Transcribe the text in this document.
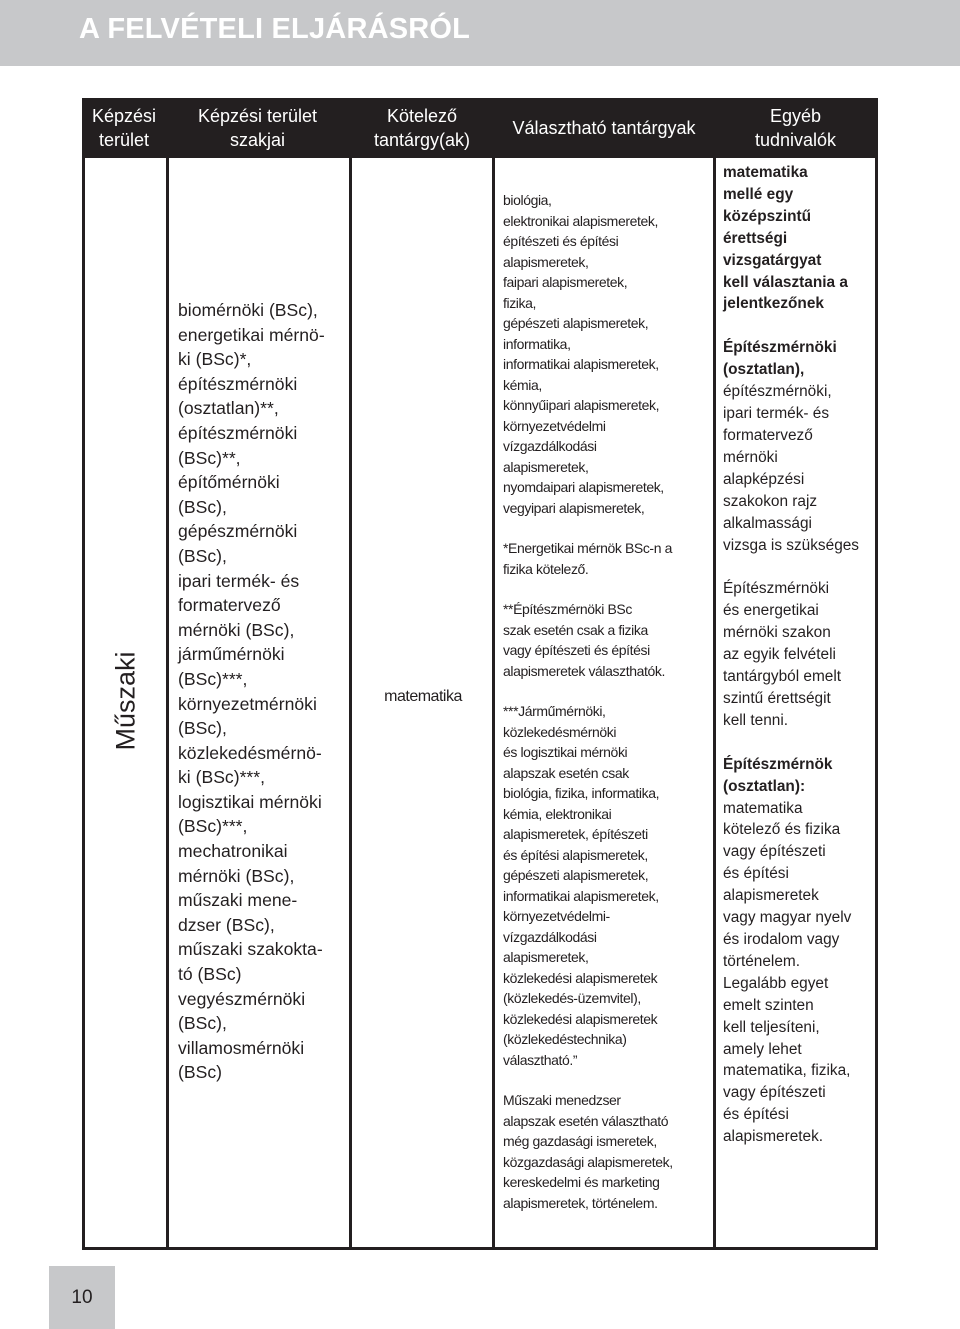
A FELVÉTELI ELJÁRÁSRÓL
Képzési
terület
Képzési terület
szakjai
Kötelező
tantárgy(ak)
Választható tantárgyak
Egyéb
tudnivalók
Műszaki
biomérnöki (BSc),
energetikai mérnö-
ki (BSc)*,
építészmérnöki
(osztatlan)**,
építészmérnöki
(BSc)**,
építőmérnöki
(BSc),
gépészmérnöki
(BSc),
ipari termék- és
formatervező
mérnöki (BSc),
járműmérnöki
(BSc)***,
környezetmérnöki
(BSc),
közlekedésmérnö-
ki (BSc)***,
logisztikai mérnöki
(BSc)***,
mechatronikai
mérnöki (BSc),
műszaki mene-
dzser (BSc),
műszaki szakokta-
tó (BSc)
vegyészmérnöki
(BSc),
villamosmérnöki
(BSc)
matematika
biológia,
elektronikai alapismeretek,
építészeti és építési
alapismeretek,
faipari alapismeretek,
fizika,
gépészeti alapismeretek,
informatika,
informatikai alapismeretek,
kémia,
könnyűipari alapismeretek,
környezetvédelmi
vízgazdálkodási
alapismeretek,
nyomdaipari alapismeretek,
vegyipari alapismeretek,
*Energetikai mérnök BSc-n a
fizika kötelező.
**Építészmérnöki BSc
szak esetén csak a fizika
vagy építészeti és építési
alapismeretek választhatók.
***Járműmérnöki,
közlekedésmérnöki
és logisztikai mérnöki
alapszak esetén csak
biológia, fizika, informatika,
kémia, elektronikai
alapismeretek, építészeti
és építési alapismeretek,
gépészeti alapismeretek,
informatikai alapismeretek,
környezetvédelmi-
vízgazdálkodási
alapismeretek,
közlekedési alapismeretek
(közlekedés-üzemvitel),
közlekedési alapismeretek
(közlekedéstechnika)
választható.”
Műszaki menedzser
alapszak esetén választható
még gazdasági ismeretek,
közgazdasági alapismeretek,
kereskedelmi és marketing
alapismeretek, történelem.
matematika
mellé egy
középszintű
érettségi
vizsgatárgyat
kell választania a
jelentkezőnek
Építészmérnöki
(osztatlan),
építészmérnöki,
ipari termék- és
formatervező
mérnöki
alapképzési
szakokon rajz
alkalmassági
vizsga is szükséges
Építészmérnöki
és energetikai
mérnöki szakon
az egyik felvételi
tantárgyból emelt
szintű érettségit
kell tenni.
Építészmérnök
(osztatlan):
matematika
kötelező és fizika
vagy építészeti
és építési
alapismeretek
vagy magyar nyelv
és irodalom vagy
történelem.
Legalább egyet
emelt szinten
kell teljesíteni,
amely lehet
matematika, fizika,
vagy építészeti
és építési
alapismeretek.
10
